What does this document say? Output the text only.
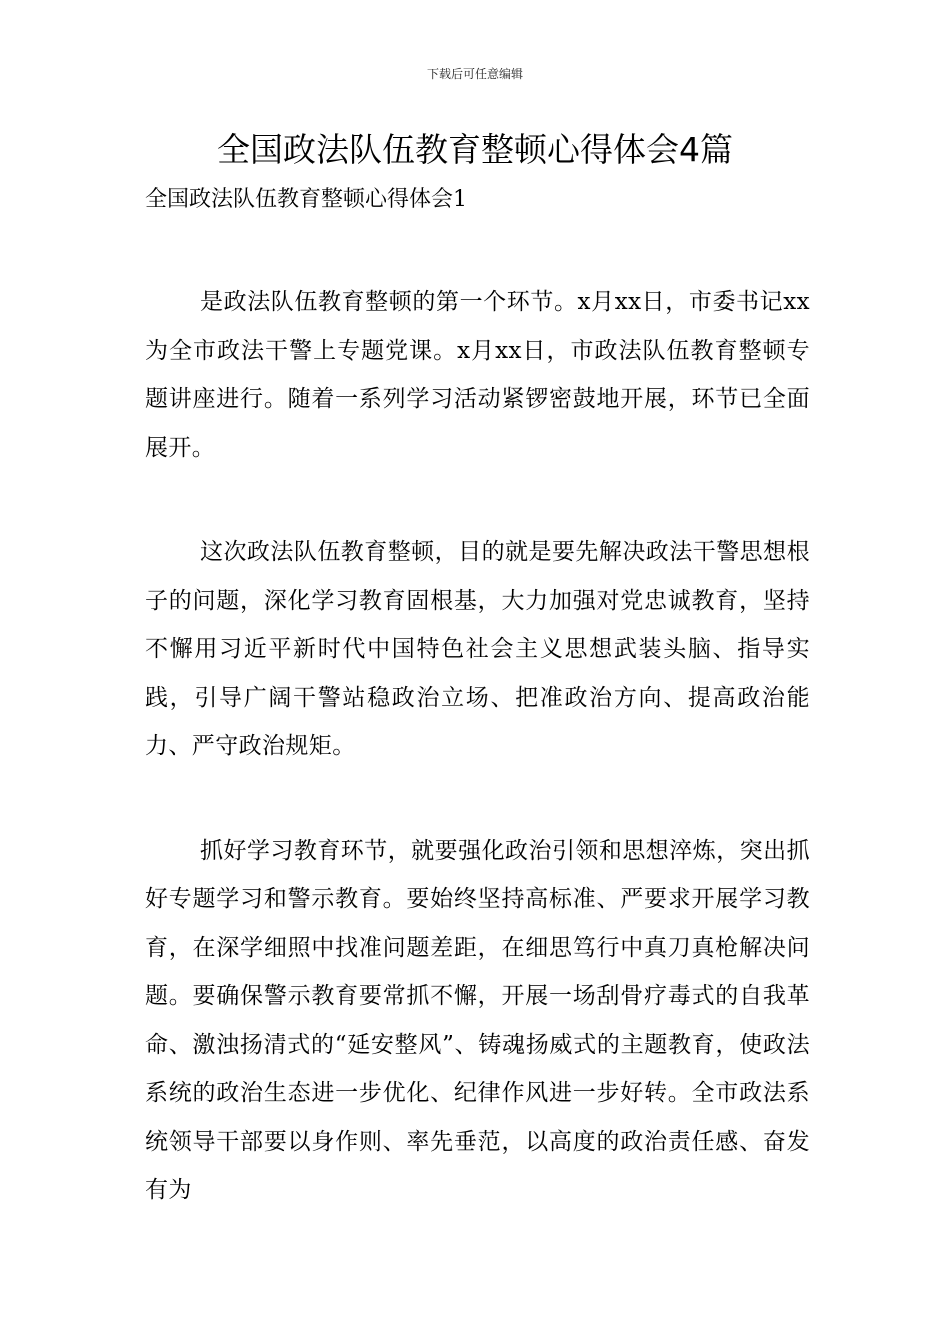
下载后可任意编辑
全国政法队伍教育整顿心得体会4篇
全国政法队伍教育整顿心得体会1

是政法队伍教育整顿的第一个环节。x月xx日，市委书记xx为全市政法干警上专题党课。x月xx日，市政法队伍教育整顿专题讲座进行。随着一系列学习活动紧锣密鼓地开展，环节已全面展开。

这次政法队伍教育整顿，目的就是要先解决政法干警思想根子的问题，深化学习教育固根基，大力加强对党忠诚教育，坚持不懈用习近平新时代中国特色社会主义思想武装头脑、指导实践，引导广阔干警站稳政治立场、把准政治方向、提高政治能力、严守政治规矩。

抓好学习教育环节，就要强化政治引领和思想淬炼，突出抓好专题学习和警示教育。要始终坚持高标准、严要求开展学习教育，在深学细照中找准问题差距，在细思笃行中真刀真枪解决问题。要确保警示教育要常抓不懈，开展一场刮骨疗毒式的自我革命、激浊扬清式的“延安整风”、铸魂扬威式的主题教育，使政法系统的政治生态进一步优化、纪律作风进一步好转。全市政法系统领导干部要以身作则、率先垂范，以高度的政治责任感、奋发有为
